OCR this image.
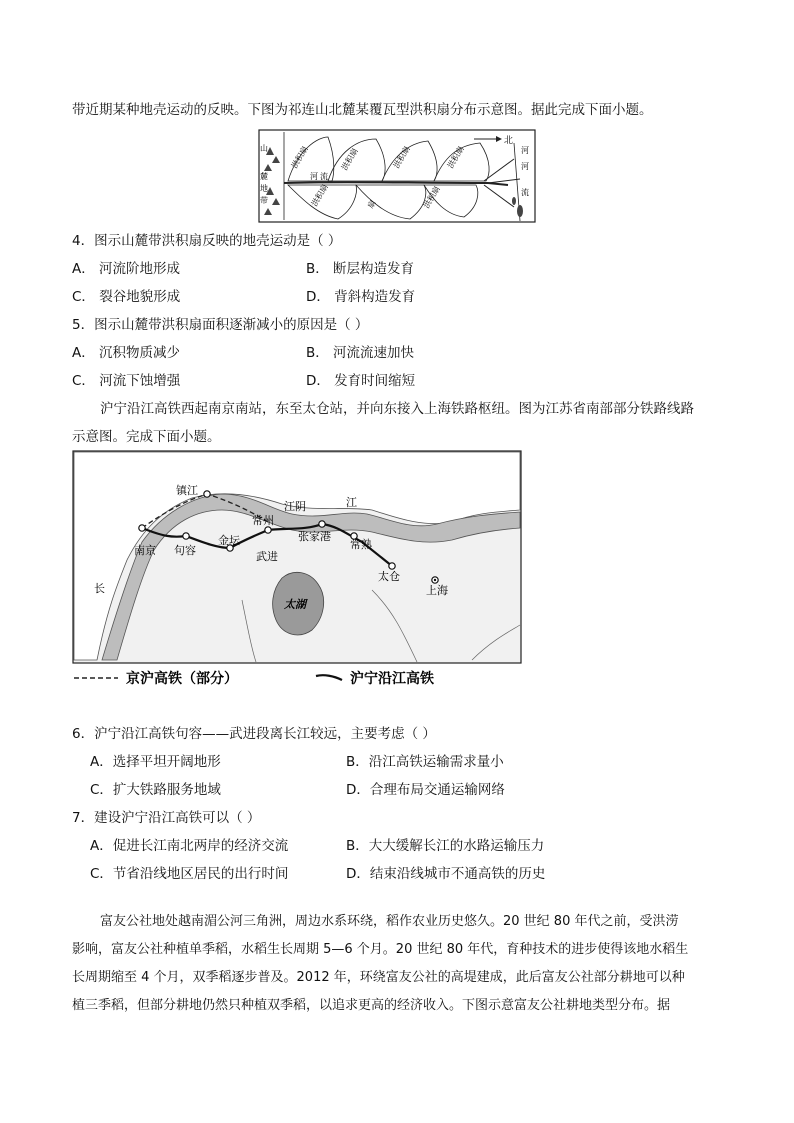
带近期某种地壳运动的反映。下图为祁连山北麓某覆瓦型洪积扇分布示意图。据此完成下面小题。
北
山
麓
地
带
洪积扇	洪积扇	洪积扇	洪积扇
洪积扇	洪积扇
扇
河 流
河
河
流
4．图示山麓带洪积扇反映的地壳运动是（ ）
A． 河流阶地形成	B． 断层构造发育
C． 裂谷地貌形成	D． 背斜构造发育
5．图示山麓带洪积扇面积逐渐减小的原因是（ ）
A． 沉积物质减少	B． 河流流速加快
C． 河流下蚀增强	D． 发育时间缩短
沪宁沿江高铁西起南京南站，东至太仓站，并向东接入上海铁路枢纽。图为江苏省南部部分铁路线路
示意图。完成下面小题。
南京
镇江
句容
金坛
常州
武进
江阴
张家港
常熟
太仓
上海
太湖
长
江
京沪高铁（部分）	沪宁沿江高铁
6．沪宁沿江高铁句容——武进段离长江较远，主要考虑（ ）
A．选择平坦开阔地形	B．沿江高铁运输需求量小
C．扩大铁路服务地域	D．合理布局交通运输网络
7．建设沪宁沿江高铁可以（ ）
A．促进长江南北两岸的经济交流	B．大大缓解长江的水路运输压力
C．节省沿线地区居民的出行时间	D．结束沿线城市不通高铁的历史
富友公社地处越南湄公河三角洲，周边水系环绕，稻作农业历史悠久。20 世纪 80 年代之前，受洪涝
影响，富友公社种植单季稻，水稻生长周期 5—6 个月。20 世纪 80 年代，育种技术的进步使得该地水稻生
长周期缩至 4 个月，双季稻逐步普及。2012 年，环绕富友公社的高堤建成，此后富友公社部分耕地可以种
植三季稻，但部分耕地仍然只种植双季稻，以追求更高的经济收入。下图示意富友公社耕地类型分布。据
